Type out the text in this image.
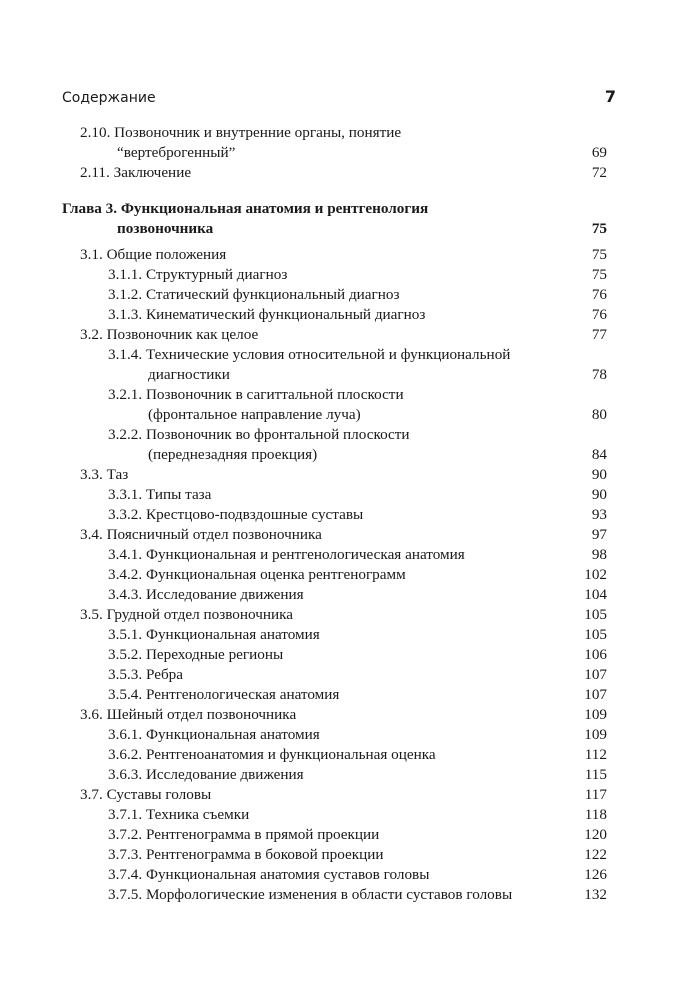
Содержание	7
2.10. Позвоночник и внутренние органы, понятие
“вертеброгенный”	69
2.11. Заключение	72
Глава 3. Функциональная анатомия и рентгенология
позвоночника	75
3.1. Общие положения	75
3.1.1. Структурный диагноз	75
3.1.2. Статический функциональный диагноз	76
3.1.3. Кинематический функциональный диагноз	76
3.2. Позвоночник как целое	77
3.1.4. Технические условия относительной и функциональной
диагностики	78
3.2.1. Позвоночник в сагиттальной плоскости
(фронтальное направление луча)	80
3.2.2. Позвоночник во фронтальной плоскости
(переднезадняя проекция)	84
3.3. Таз	90
3.3.1. Типы таза	90
3.3.2. Крестцово-подвздошные суставы	93
3.4. Поясничный отдел позвоночника	97
3.4.1. Функциональная и рентгенологическая анатомия	98
3.4.2. Функциональная оценка рентгенограмм	102
3.4.3. Исследование движения	104
3.5. Грудной отдел позвоночника	105
3.5.1. Функциональная анатомия	105
3.5.2. Переходные регионы	106
3.5.3. Ребра	107
3.5.4. Рентгенологическая анатомия	107
3.6. Шейный отдел позвоночника	109
3.6.1. Функциональная анатомия	109
3.6.2. Рентгеноанатомия и функциональная оценка	112
3.6.3. Исследование движения	115
3.7. Суставы головы	117
3.7.1. Техника съемки	118
3.7.2. Рентгенограмма в прямой проекции	120
3.7.3. Рентгенограмма в боковой проекции	122
3.7.4. Функциональная анатомия суставов головы	126
3.7.5. Морфологические изменения в области суставов головы	132
